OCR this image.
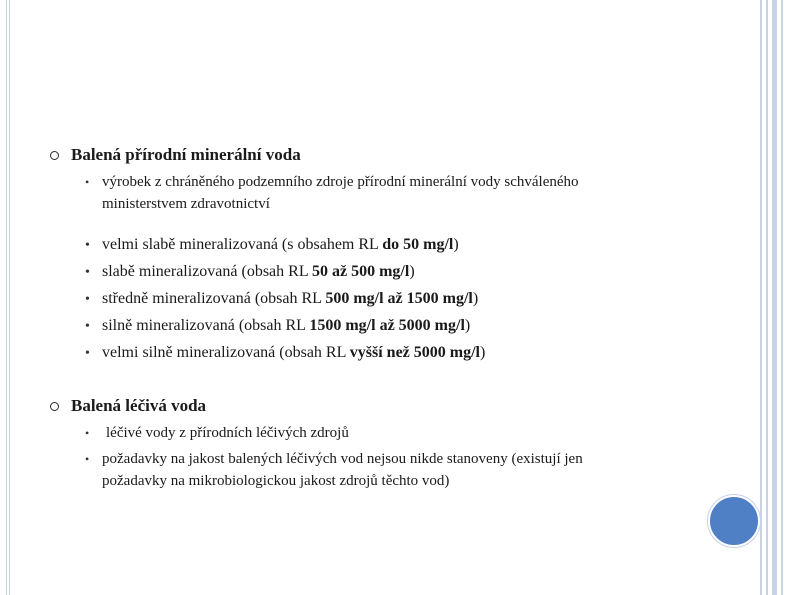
Balená přírodní minerální voda
• výrobek z chráněného podzemního zdroje přírodní minerální vody schváleného
ministerstvem zdravotnictví
• velmi slabě mineralizovaná (s obsahem RL do 50 mg/l)
• slabě mineralizovaná (obsah RL 50 až 500 mg/l)
• středně mineralizovaná (obsah RL 500 mg/l až 1500 mg/l)
• silně mineralizovaná (obsah RL 1500 mg/l až 5000 mg/l)
• velmi silně mineralizovaná (obsah RL vyšší než 5000 mg/l)
Balená léčivá voda
• léčivé vody z přírodních léčivých zdrojů
• požadavky na jakost balených léčivých vod nejsou nikde stanoveny (existují jen
požadavky na mikrobiologickou jakost zdrojů těchto vod)
